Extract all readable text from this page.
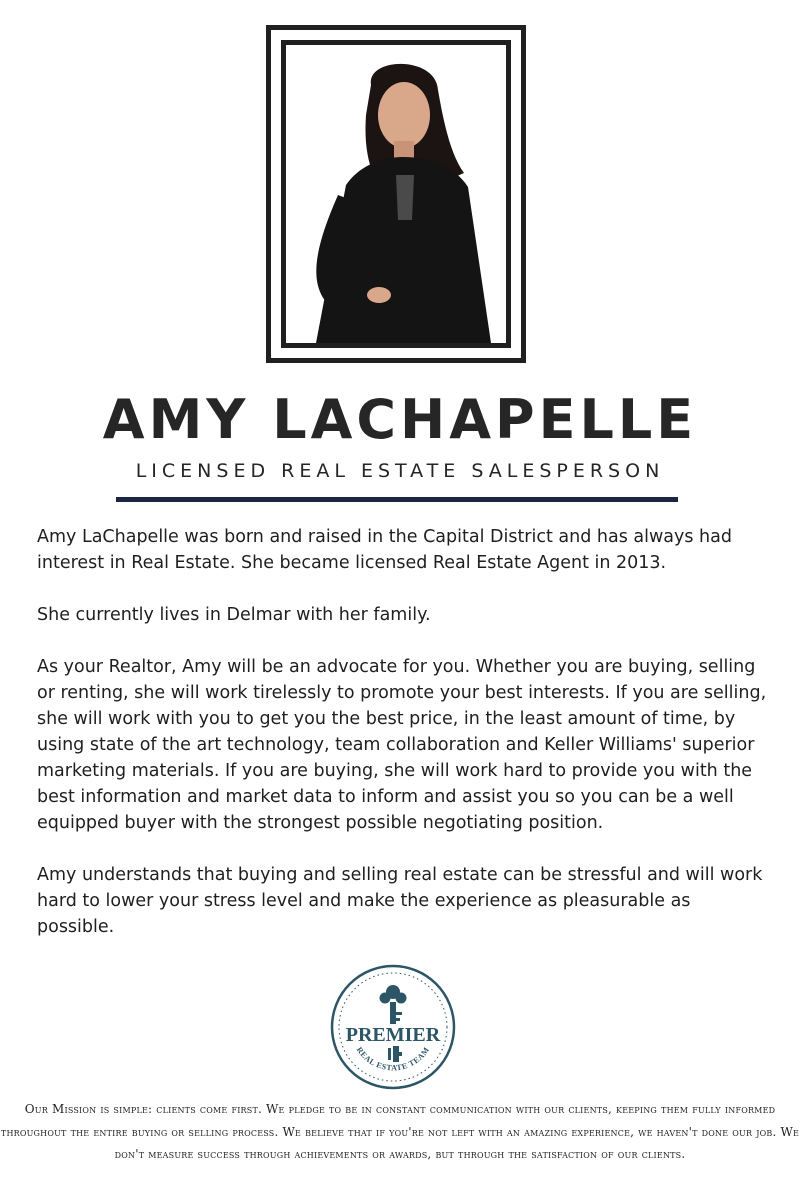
AMY LACHAPELLE
LICENSED REAL ESTATE SALESPERSON

Amy LaChapelle was born and raised in the Capital District and has always had interest in Real Estate. She became licensed Real Estate Agent in 2013.

She currently lives in Delmar with her family.

As your Realtor, Amy will be an advocate for you. Whether you are buying, selling or renting, she will work tirelessly to promote your best interests. If you are selling, she will work with you to get you the best price, in the least amount of time, by using state of the art technology, team collaboration and Keller Williams' superior marketing materials. If you are buying, she will work hard to provide you with the best information and market data to inform and assist you so you can be a well equipped buyer with the strongest possible negotiating position.

Amy understands that buying and selling real estate can be stressful and will work hard to lower your stress level and make the experience as pleasurable as possible.

PREMIER
REAL ESTATE TEAM
Our Mission is simple: clients come first. We pledge to be in constant communication with our clients, keeping them fully informed throughout the entire buying or selling process. We believe that if you're not left with an amazing experience, we haven't done our job. We don't measure success through achievements or awards, but through the satisfaction of our clients.
